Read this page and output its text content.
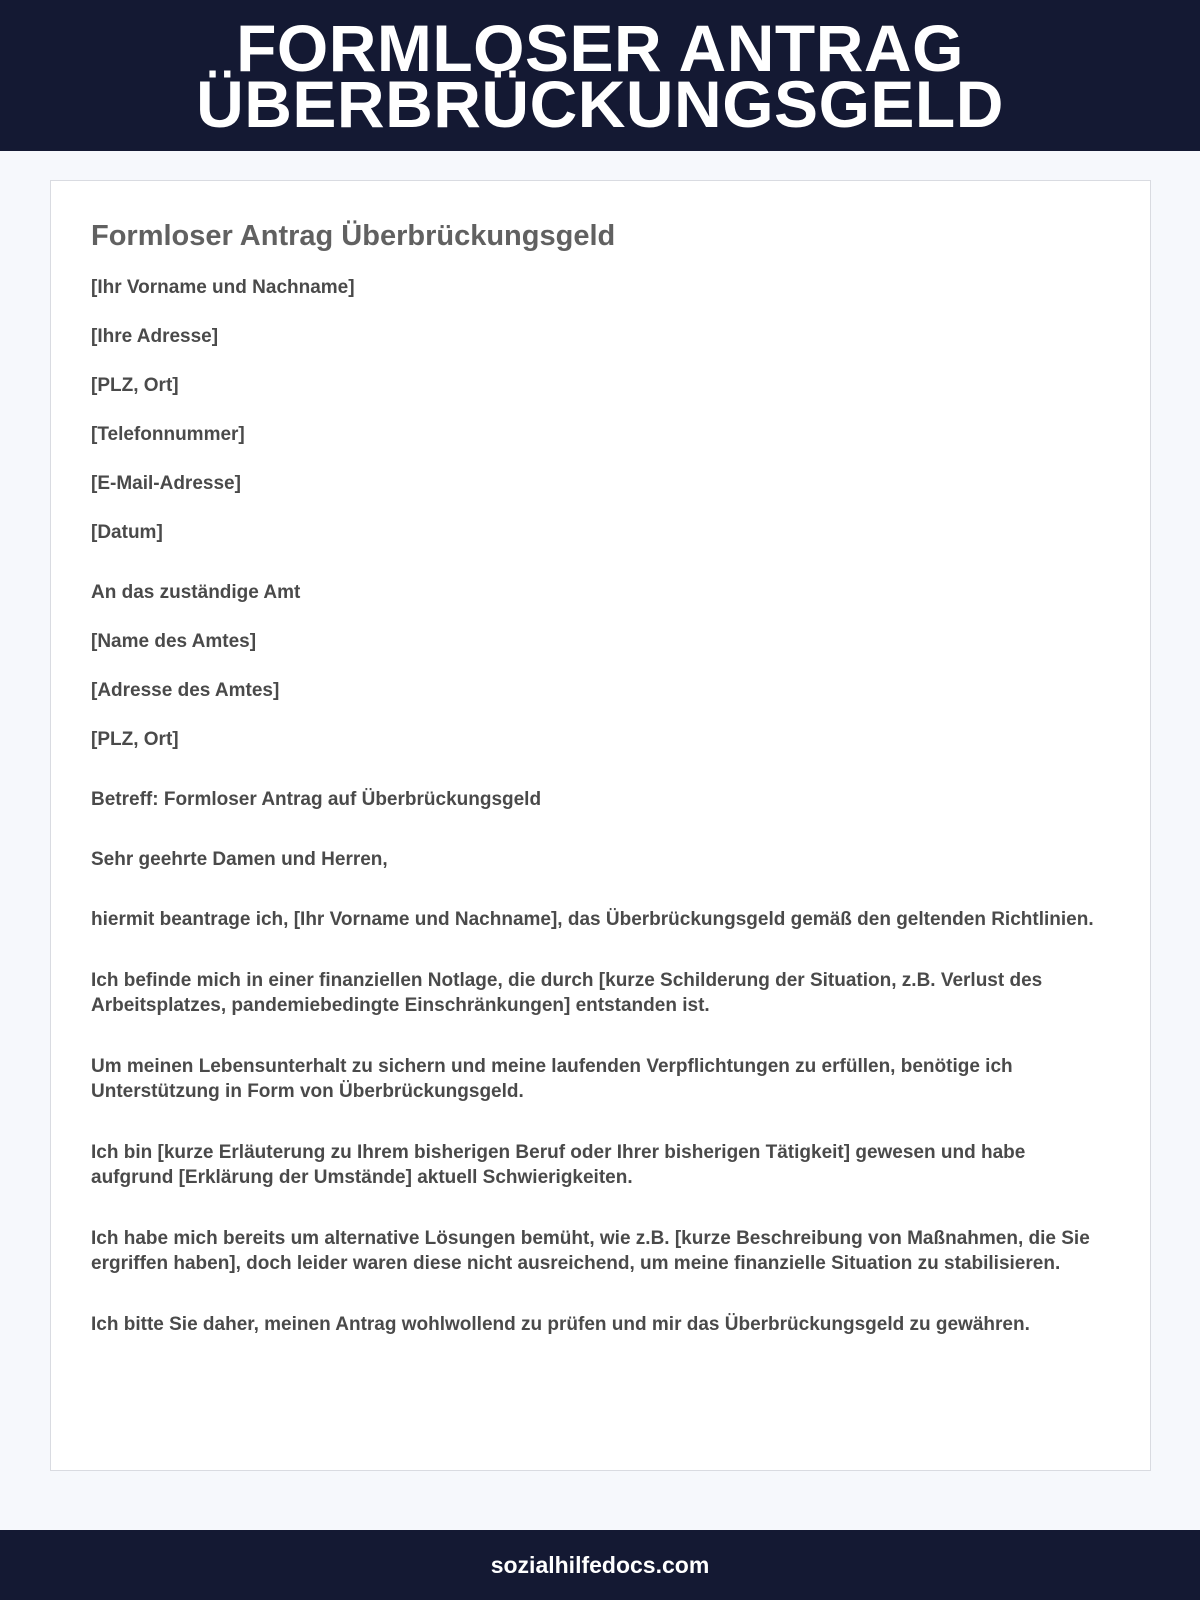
FORMLOSER ANTRAG
ÜBERBRÜCKUNGSGELD
Formloser Antrag Überbrückungsgeld
[Ihr Vorname und Nachname]
[Ihre Adresse]
[PLZ, Ort]
[Telefonnummer]
[E-Mail-Adresse]
[Datum]
An das zuständige Amt
[Name des Amtes]
[Adresse des Amtes]
[PLZ, Ort]
Betreff: Formloser Antrag auf Überbrückungsgeld
Sehr geehrte Damen und Herren,
hiermit beantrage ich, [Ihr Vorname und Nachname], das Überbrückungsgeld gemäß den geltenden Richtlinien.
Ich befinde mich in einer finanziellen Notlage, die durch [kurze Schilderung der Situation, z.B. Verlust des Arbeitsplatzes, pandemiebedingte Einschränkungen] entstanden ist.
Um meinen Lebensunterhalt zu sichern und meine laufenden Verpflichtungen zu erfüllen, benötige ich Unterstützung in Form von Überbrückungsgeld.
Ich bin [kurze Erläuterung zu Ihrem bisherigen Beruf oder Ihrer bisherigen Tätigkeit] gewesen und habe aufgrund [Erklärung der Umstände] aktuell Schwierigkeiten.
Ich habe mich bereits um alternative Lösungen bemüht, wie z.B. [kurze Beschreibung von Maßnahmen, die Sie ergriffen haben], doch leider waren diese nicht ausreichend, um meine finanzielle Situation zu stabilisieren.
Ich bitte Sie daher, meinen Antrag wohlwollend zu prüfen und mir das Überbrückungsgeld zu gewähren.
sozialhilfedocs.com
